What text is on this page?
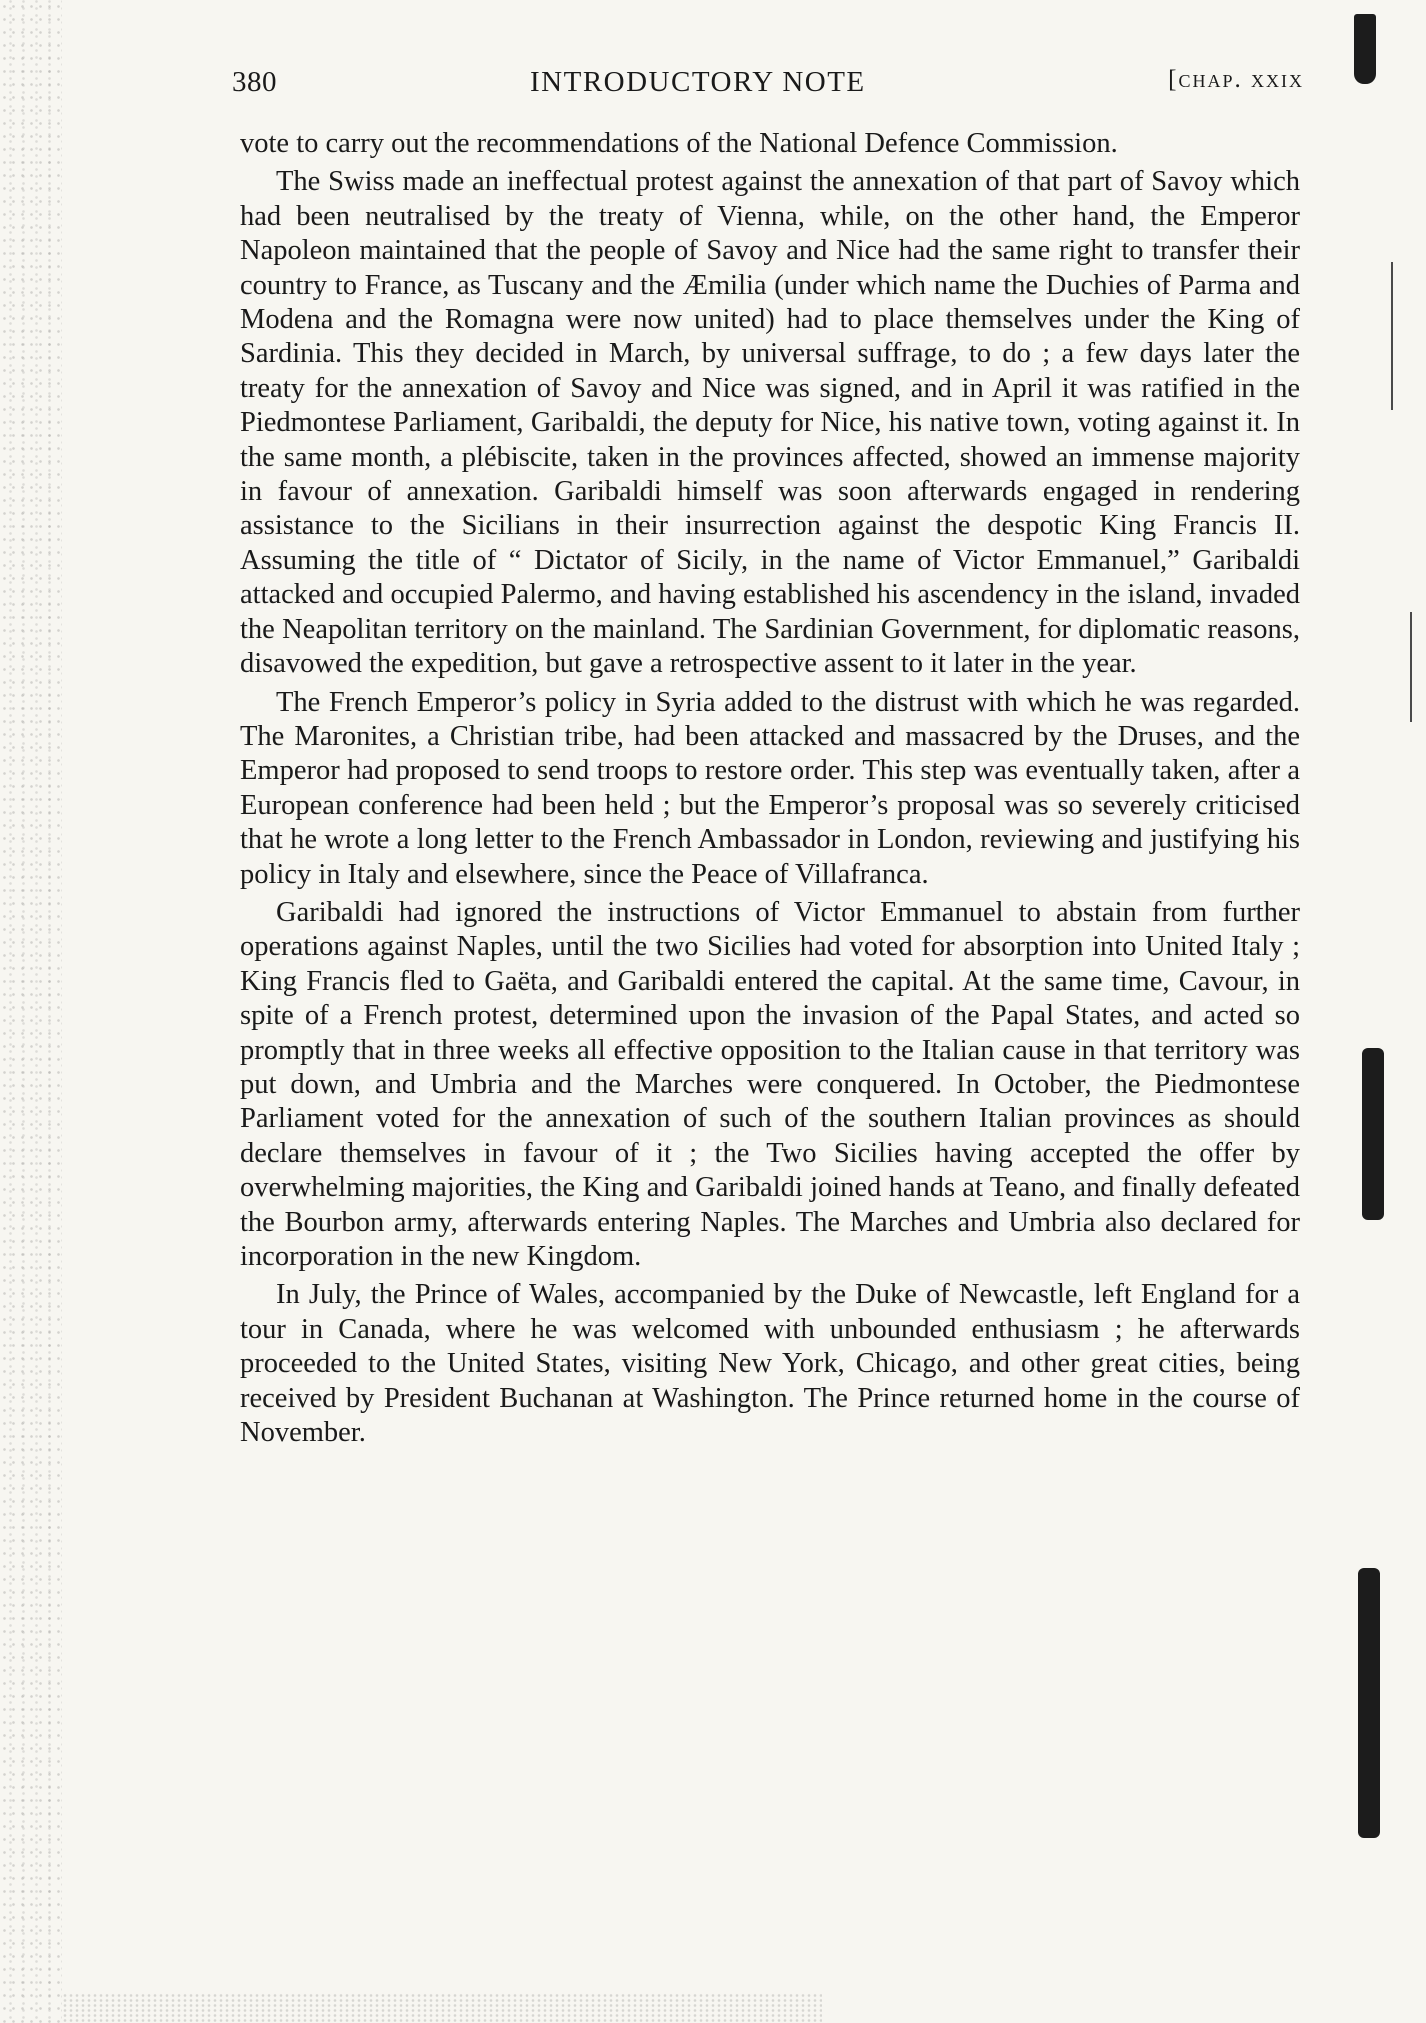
380	INTRODUCTORY NOTE	[chap. xxix

vote to carry out the recommendations of the National Defence Commission.

The Swiss made an ineffectual protest against the annexation of that part of Savoy which had been neutralised by the treaty of Vienna, while, on the other hand, the Emperor Napoleon maintained that the people of Savoy and Nice had the same right to transfer their country to France, as Tuscany and the Æmilia (under which name the Duchies of Parma and Modena and the Romagna were now united) had to place themselves under the King of Sardinia. This they decided in March, by universal suffrage, to do ; a few days later the treaty for the annexation of Savoy and Nice was signed, and in April it was ratified in the Piedmontese Parliament, Garibaldi, the deputy for Nice, his native town, voting against it. In the same month, a plébiscite, taken in the provinces affected, showed an immense majority in favour of annexation. Garibaldi himself was soon afterwards engaged in rendering assistance to the Sicilians in their insurrection against the despotic King Francis II. Assuming the title of “ Dictator of Sicily, in the name of Victor Emmanuel,” Garibaldi attacked and occupied Palermo, and having established his ascendency in the island, invaded the Neapolitan territory on the mainland. The Sardinian Government, for diplomatic reasons, disavowed the expedition, but gave a retrospective assent to it later in the year.

The French Emperor’s policy in Syria added to the distrust with which he was regarded. The Maronites, a Christian tribe, had been attacked and massacred by the Druses, and the Emperor had proposed to send troops to restore order. This step was eventually taken, after a European conference had been held ; but the Emperor’s proposal was so severely criticised that he wrote a long letter to the French Ambassador in London, reviewing and justifying his policy in Italy and elsewhere, since the Peace of Villafranca.

Garibaldi had ignored the instructions of Victor Emmanuel to abstain from further operations against Naples, until the two Sicilies had voted for absorption into United Italy ; King Francis fled to Gaëta, and Garibaldi entered the capital. At the same time, Cavour, in spite of a French protest, determined upon the invasion of the Papal States, and acted so promptly that in three weeks all effective opposition to the Italian cause in that territory was put down, and Umbria and the Marches were conquered. In October, the Piedmontese Parliament voted for the annexation of such of the southern Italian provinces as should declare themselves in favour of it ; the Two Sicilies having accepted the offer by overwhelming majorities, the King and Garibaldi joined hands at Teano, and finally defeated the Bourbon army, afterwards entering Naples. The Marches and Umbria also declared for incorporation in the new Kingdom.

In July, the Prince of Wales, accompanied by the Duke of Newcastle, left England for a tour in Canada, where he was welcomed with unbounded enthusiasm ; he afterwards proceeded to the United States, visiting New York, Chicago, and other great cities, being received by President Buchanan at Washington. The Prince returned home in the course of November.
